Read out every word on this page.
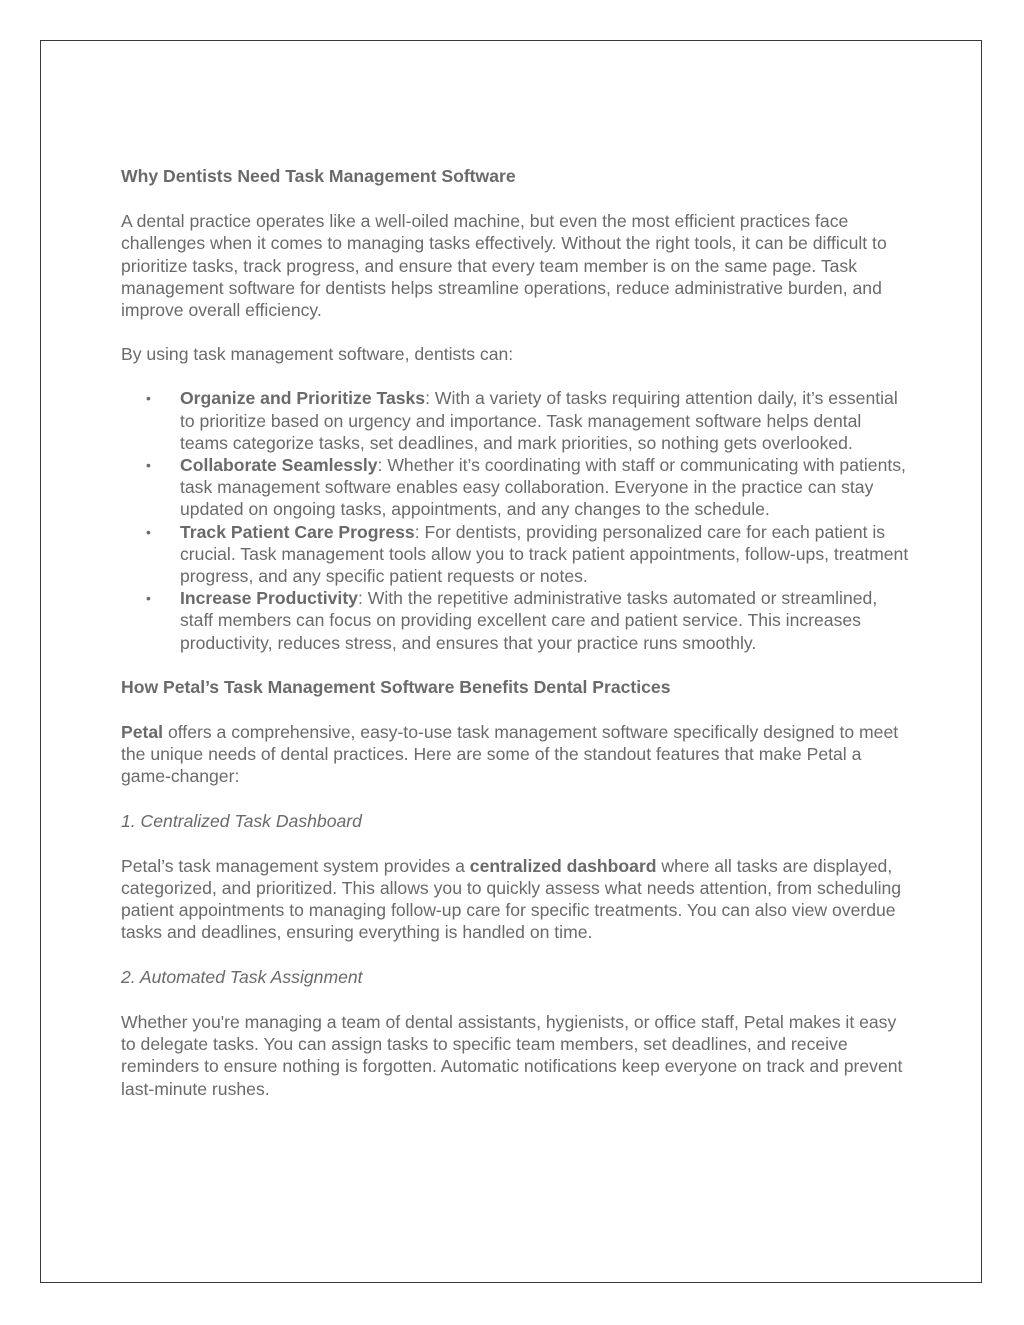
Why Dentists Need Task Management Software
A dental practice operates like a well-oiled machine, but even the most efficient practices face challenges when it comes to managing tasks effectively. Without the right tools, it can be difficult to prioritize tasks, track progress, and ensure that every team member is on the same page. Task management software for dentists helps streamline operations, reduce administrative burden, and improve overall efficiency.
By using task management software, dentists can:
• Organize and Prioritize Tasks: With a variety of tasks requiring attention daily, it’s essential to prioritize based on urgency and importance. Task management software helps dental teams categorize tasks, set deadlines, and mark priorities, so nothing gets overlooked.
• Collaborate Seamlessly: Whether it’s coordinating with staff or communicating with patients, task management software enables easy collaboration. Everyone in the practice can stay updated on ongoing tasks, appointments, and any changes to the schedule.
• Track Patient Care Progress: For dentists, providing personalized care for each patient is crucial. Task management tools allow you to track patient appointments, follow-ups, treatment progress, and any specific patient requests or notes.
• Increase Productivity: With the repetitive administrative tasks automated or streamlined, staff members can focus on providing excellent care and patient service. This increases productivity, reduces stress, and ensures that your practice runs smoothly.
How Petal’s Task Management Software Benefits Dental Practices
Petal offers a comprehensive, easy-to-use task management software specifically designed to meet the unique needs of dental practices. Here are some of the standout features that make Petal a game-changer:
1. Centralized Task Dashboard
Petal’s task management system provides a centralized dashboard where all tasks are displayed, categorized, and prioritized. This allows you to quickly assess what needs attention, from scheduling patient appointments to managing follow-up care for specific treatments. You can also view overdue tasks and deadlines, ensuring everything is handled on time.
2. Automated Task Assignment
Whether you're managing a team of dental assistants, hygienists, or office staff, Petal makes it easy to delegate tasks. You can assign tasks to specific team members, set deadlines, and receive reminders to ensure nothing is forgotten. Automatic notifications keep everyone on track and prevent last-minute rushes.
